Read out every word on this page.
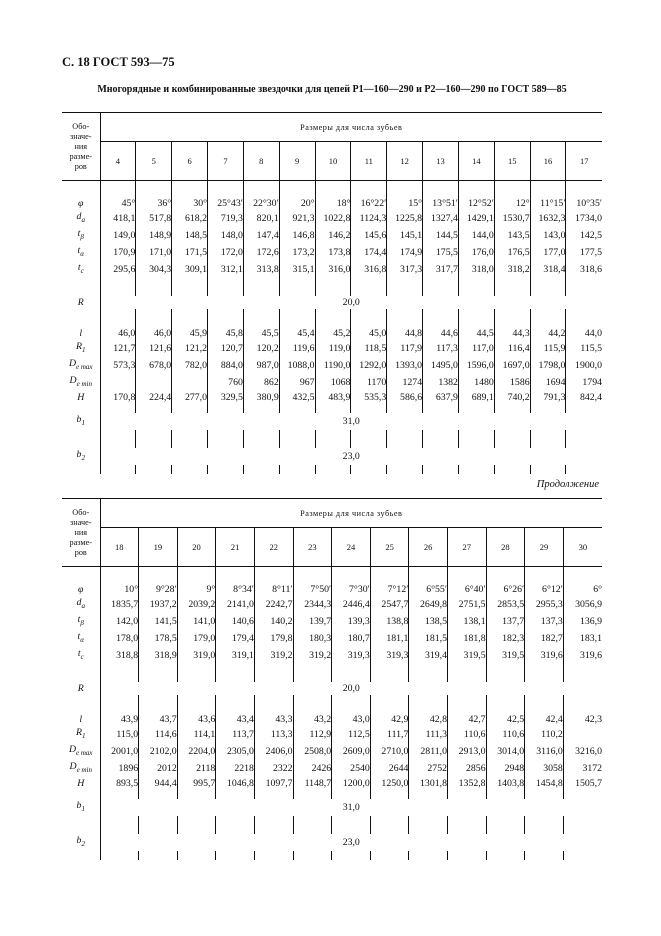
С. 18 ГОСТ 593—75
Многорядные и комбинированные звездочки для цепей Р1—160—290 и Р2—160—290 по ГОСТ 589—85
Обо-
значе-
ния
разме-
ров	Размеры для числа зубьев													
	4	5	6	7	8	9	10	11	12	13	14	15	16	17

φ	45°	36°	30°	25°43′	22°30′	20°	18°	16°22′	15°	13°51′	12°52′	12°	11°15′	10°35′
$d_a$	418,1	517,8	618,2	719,3	820,1	921,3	1022,8	1124,3	1225,8	1327,4	1429,1	1530,7	1632,3	1734,0
$t_\beta$	149,0	148,9	148,5	148,0	147,4	146,8	146,2	145,6	145,1	144,5	144,0	143,5	143,0	142,5
$t_\alpha$	170,9	171,0	171,5	172,0	172,6	173,2	173,8	174,4	174,9	175,5	176,0	176,5	177,0	177,5
$t_c$	295,6	304,3	309,1	312,1	313,8	315,1	316,0	316,8	317,3	317,7	318,0	318,2	318,4	318,6

R	20,0													

l	46,0	46,0	45,9	45,8	45,5	45,4	45,2	45,0	44,8	44,6	44,5	44,3	44,2	44,0
$R_1$	121,7	121,6	121,2	120,7	120,2	119,6	119,0	118,5	117,9	117,3	117,0	116,4	115,9	115,5
$D_{e max}$	573,3	678,0	782,0	884,0	987,0	1088,0	1190,0	1292,0	1393,0	1495,0	1596,0	1697,0	1798,0	1900,0
$D_{e min}$				760	862	967	1068	1170	1274	1382	1480	1586	1694	1794
H	170,8	224,4	277,0	329,5	380,9	432,5	483,9	535,3	586,6	637,9	689,1	740,2	791,3	842,4

$b_1$	31,0													

$b_2$	23,0													

Продолжение
Обо-
значе-
ния
разме-
ров	Размеры для числа зубьев												
	18	19	20	21	22	23	24	25	26	27	28	29	30

φ	10°	9°28′	9°	8°34′	8°11′	7°50′	7°30′	7°12′	6°55′	6°40′	6°26′	6°12′	6°
$d_a$	1835,7	1937,2	2039,2	2141,0	2242,7	2344,3	2446,4	2547,7	2649,8	2751,5	2853,5	2955,3	3056,9
$t_\beta$	142,0	141,5	141,0	140,6	140,2	139,7	139,3	138,8	138,5	138,1	137,7	137,3	136,9
$t_\alpha$	178,0	178,5	179,0	179,4	179,8	180,3	180,7	181,1	181,5	181,8	182,3	182,7	183,1
$t_c$	318,8	318,9	319,0	319,1	319,2	319,2	319,3	319,3	319,4	319,5	319,5	319,6	319,6

R	20,0												

l	43,9	43,7	43,6	43,4	43,3	43,2	43,0	42,9	42,8	42,7	42,5	42,4	42,3
$R_1$	115,0	114,6	114,1	113,7	113,3	112,9	112,5	111,7	111,3	110,6	110,6	110,2	
$D_{e max}$	2001,0	2102,0	2204,0	2305,0	2406,0	2508,0	2609,0	2710,0	2811,0	2913,0	3014,0	3116,0	3216,0
$D_{e min}$	1896	2012	2118	2218	2322	2426	2540	2644	2752	2856	2948	3058	3172
H	893,5	944,4	995,7	1046,8	1097,7	1148,7	1200,0	1250,0	1301,8	1352,8	1403,8	1454,8	1505,7

$b_1$	31,0												

$b_2$	23,0												
